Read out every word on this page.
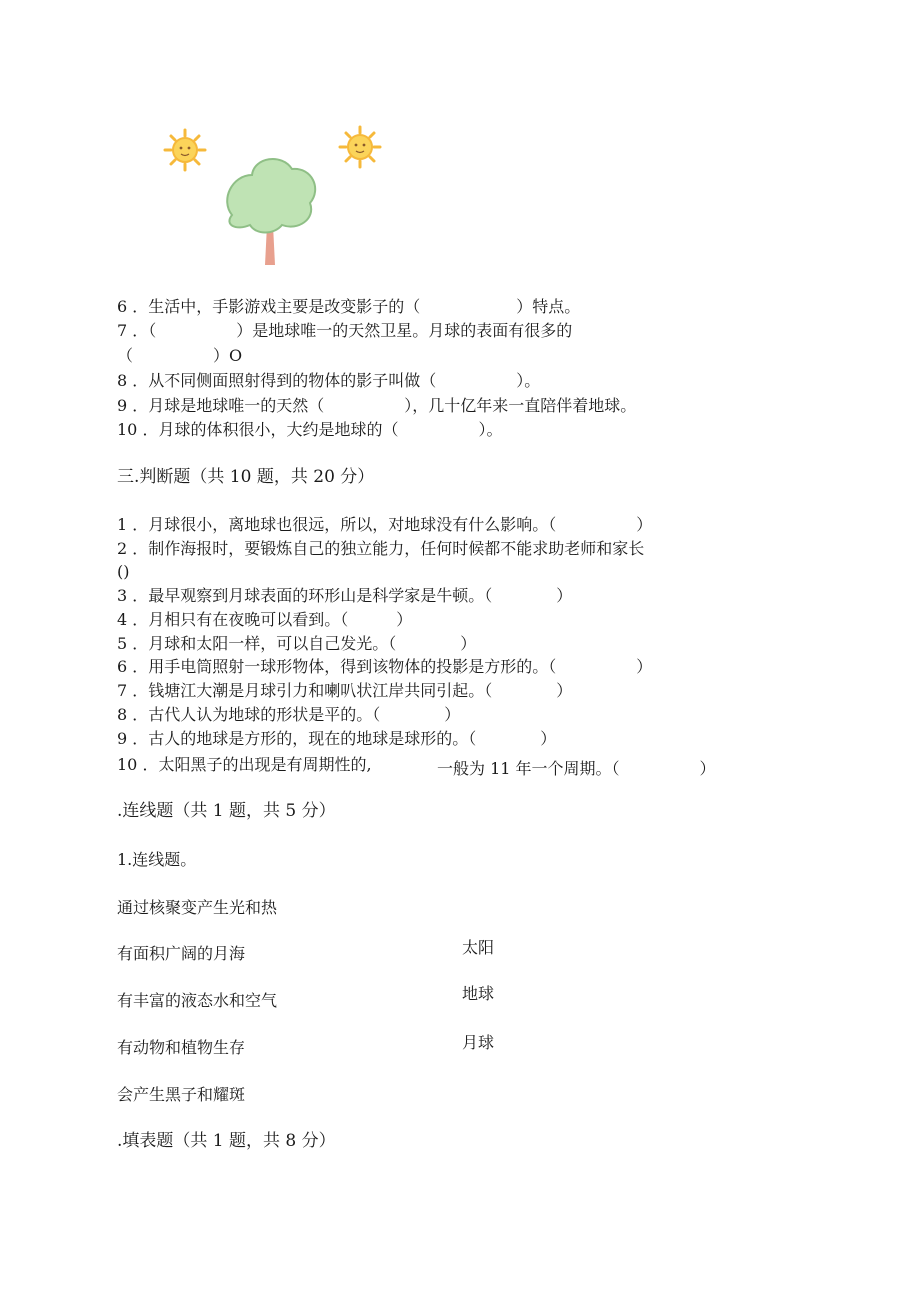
6 ．生活中，手影游戏主要是改变影子的（　　　　　　）特点。
7 ．（　　　　　）是地球唯一的天然卫星。月球的表面有很多的
（　　　　　）O
8 ．从不同侧面照射得到的物体的影子叫做（　　　　　）。
9 ．月球是地球唯一的天然（　　　　　），几十亿年来一直陪伴着地球。
10 ．月球的体积很小，大约是地球的（　　　　　）。
三.判断题（共 10 题，共 20 分）
1 ．月球很小，离地球也很远，所以，对地球没有什么影响。（　　　　　）
2 ．制作海报时，要锻炼自己的独立能力，任何时候都不能求助老师和家长
()
3 ．最早观察到月球表面的环形山是科学家是牛顿。（　　　　）
4 ．月相只有在夜晚可以看到。（　　　）
5 ．月球和太阳一样，可以自己发光。（　　　　）
6 ．用手电筒照射一球形物体，得到该物体的投影是方形的。（　　　　　）
7 ．钱塘江大潮是月球引力和喇叭状江岸共同引起。（　　　　）
8 ．古代人认为地球的形状是平的。（　　　　）
9 ．古人的地球是方形的，现在的地球是球形的。（　　　　）
10 ．太阳黑子的出现是有周期性的,	一般为 11 年一个周期。（　　　　　）
.连线题（共 1 题，共 5 分）
1.连线题。
通过核聚变产生光和热
有面积广阔的月海
有丰富的液态水和空气
有动物和植物生存
会产生黑子和耀斑
太阳
地球
月球
.填表题（共 1 题，共 8 分）
